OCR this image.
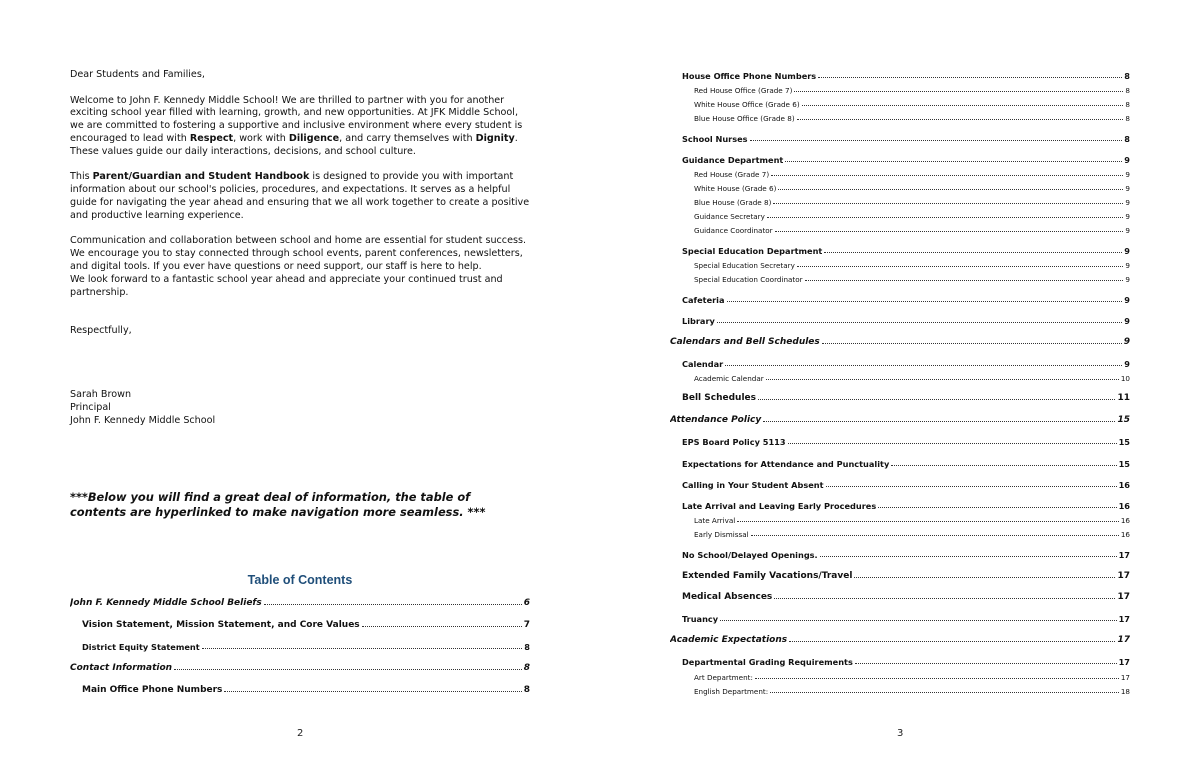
Dear Students and Families,

Welcome to John F. Kennedy Middle School! We are thrilled to partner with you for another exciting school year filled with learning, growth, and new opportunities. At JFK Middle School, we are committed to fostering a supportive and inclusive environment where every student is encouraged to lead with Respect, work with Diligence, and carry themselves with Dignity. These values guide our daily interactions, decisions, and school culture.

This Parent/Guardian and Student Handbook is designed to provide you with important information about our school's policies, procedures, and expectations. It serves as a helpful guide for navigating the year ahead and ensuring that we all work together to create a positive and productive learning experience.

Communication and collaboration between school and home are essential for student success. We encourage you to stay connected through school events, parent conferences, newsletters, and digital tools. If you ever have questions or need support, our staff is here to help.

We look forward to a fantastic school year ahead and appreciate your continued trust and partnership.

Respectfully,

Sarah Brown

Principal

John F. Kennedy Middle School

***Below you will find a great deal of information, the table of contents are hyperlinked to make navigation more seamless. ***
Table of Contents
John F. Kennedy Middle School Beliefs	6
Vision Statement, Mission Statement, and Core Values	7
District Equity Statement	8
Contact Information	8
Main Office Phone Numbers	8
2
House Office Phone Numbers	8
Red House Office (Grade 7)	8
White House Office (Grade 6)	8
Blue House Office (Grade 8)	8
School Nurses	8
Guidance Department	9
Red House (Grade 7)	9
White House (Grade 6)	9
Blue House (Grade 8)	9
Guidance Secretary	9
Guidance Coordinator	9
Special Education Department	9
Special Education Secretary	9
Special Education Coordinator	9
Cafeteria	9
Library	9
Calendars and Bell Schedules	9
Calendar	9
Academic Calendar	10
Bell Schedules	11
Attendance Policy	15
EPS Board Policy 5113	15
Expectations for Attendance and Punctuality	15
Calling in Your Student Absent	16
Late Arrival and Leaving Early Procedures	16
Late Arrival	16
Early Dismissal	16
No School/Delayed Openings.	17
Extended Family Vacations/Travel	17
Medical Absences	17
Truancy	17
Academic Expectations	17
Departmental Grading Requirements	17
Art Department:	17
English Department:	18
3
